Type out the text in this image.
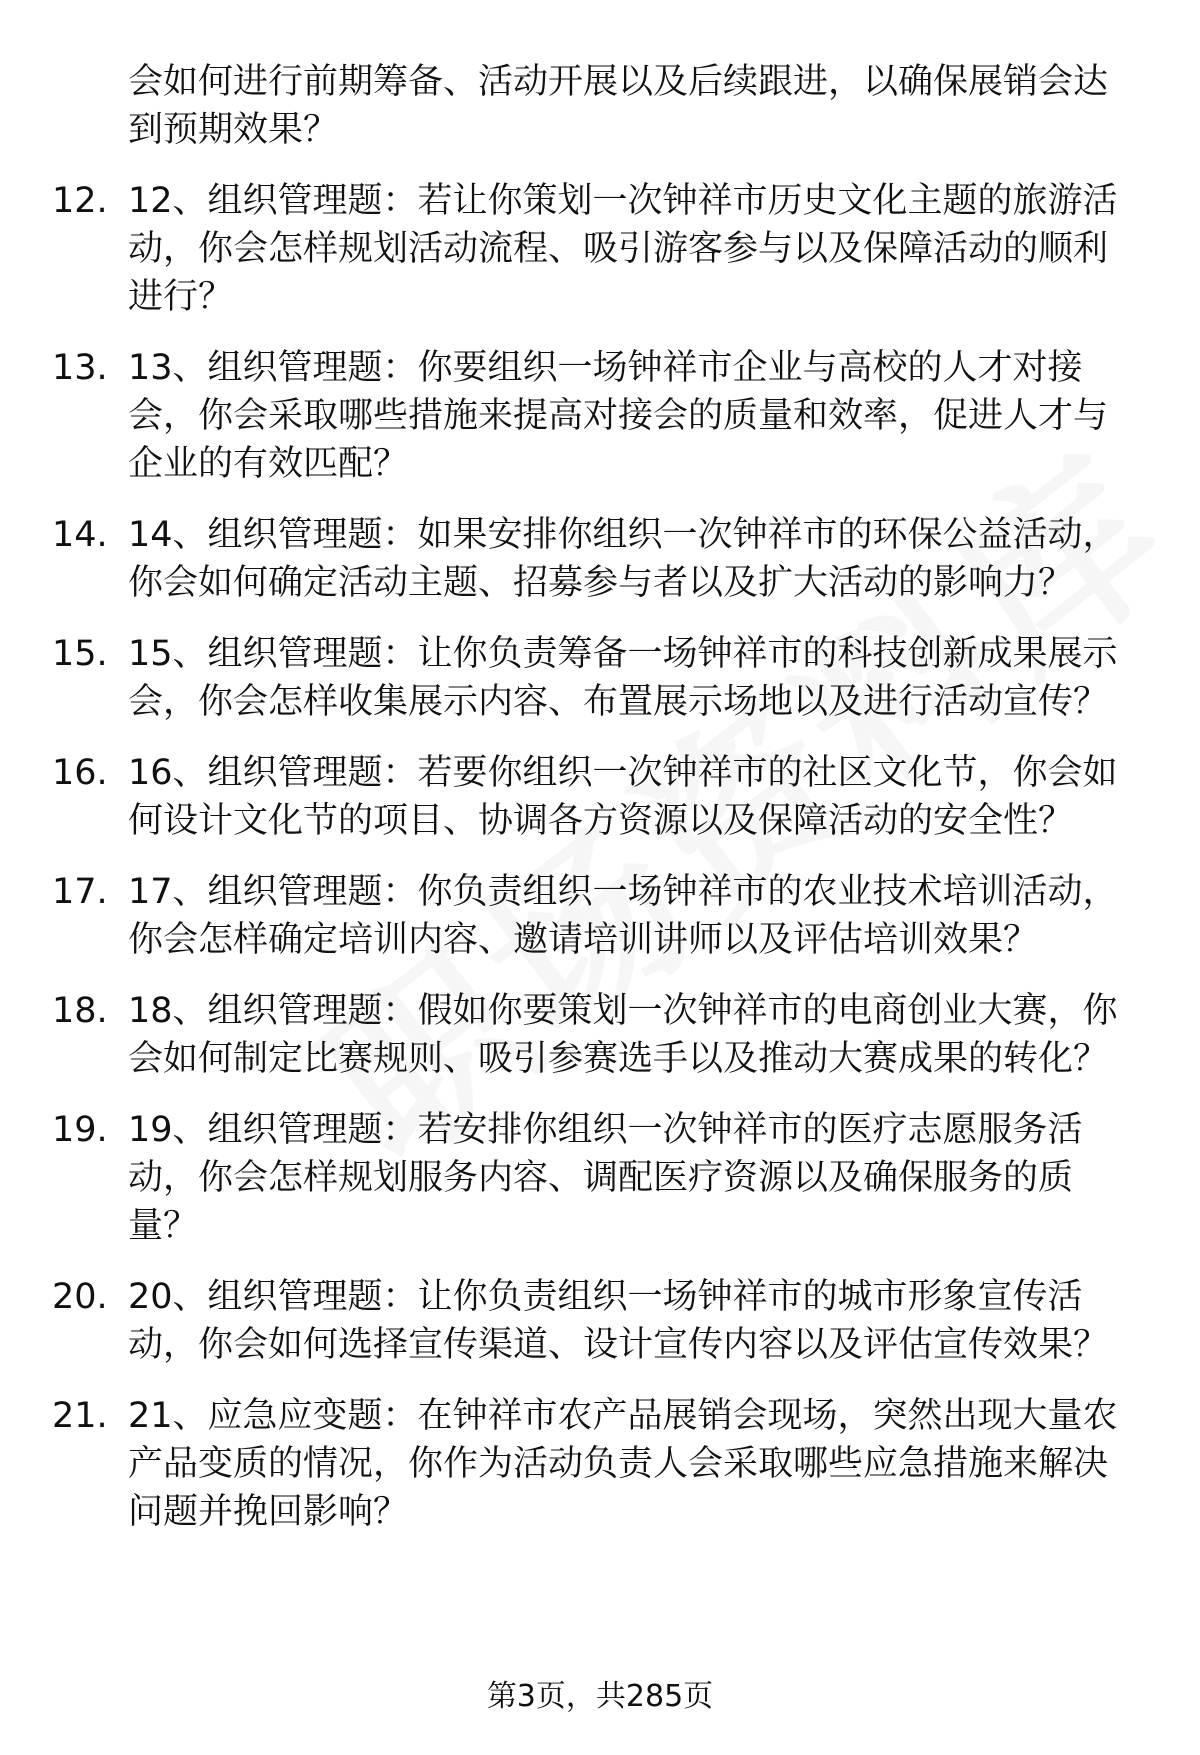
会如何进行前期筹备、活动开展以及后续跟进，以确保展销会达
到预期效果？
12. 12、组织管理题：若让你策划一次钟祥市历史文化主题的旅游活
动，你会怎样规划活动流程、吸引游客参与以及保障活动的顺利
进行？
13. 13、组织管理题：你要组织一场钟祥市企业与高校的人才对接
会，你会采取哪些措施来提高对接会的质量和效率，促进人才与
企业的有效匹配？
14. 14、组织管理题：如果安排你组织一次钟祥市的环保公益活动，
你会如何确定活动主题、招募参与者以及扩大活动的影响力？
15. 15、组织管理题：让你负责筹备一场钟祥市的科技创新成果展示
会，你会怎样收集展示内容、布置展示场地以及进行活动宣传？
16. 16、组织管理题：若要你组织一次钟祥市的社区文化节，你会如
何设计文化节的项目、协调各方资源以及保障活动的安全性？
17. 17、组织管理题：你负责组织一场钟祥市的农业技术培训活动，
你会怎样确定培训内容、邀请培训讲师以及评估培训效果？
18. 18、组织管理题：假如你要策划一次钟祥市的电商创业大赛，你
会如何制定比赛规则、吸引参赛选手以及推动大赛成果的转化？
19. 19、组织管理题：若安排你组织一次钟祥市的医疗志愿服务活
动，你会怎样规划服务内容、调配医疗资源以及确保服务的质
量？
20. 20、组织管理题：让你负责组织一场钟祥市的城市形象宣传活
动，你会如何选择宣传渠道、设计宣传内容以及评估宣传效果？
21. 21、应急应变题：在钟祥市农产品展销会现场，突然出现大量农
产品变质的情况，你作为活动负责人会采取哪些应急措施来解决
问题并挽回影响？
第3页，共285页
